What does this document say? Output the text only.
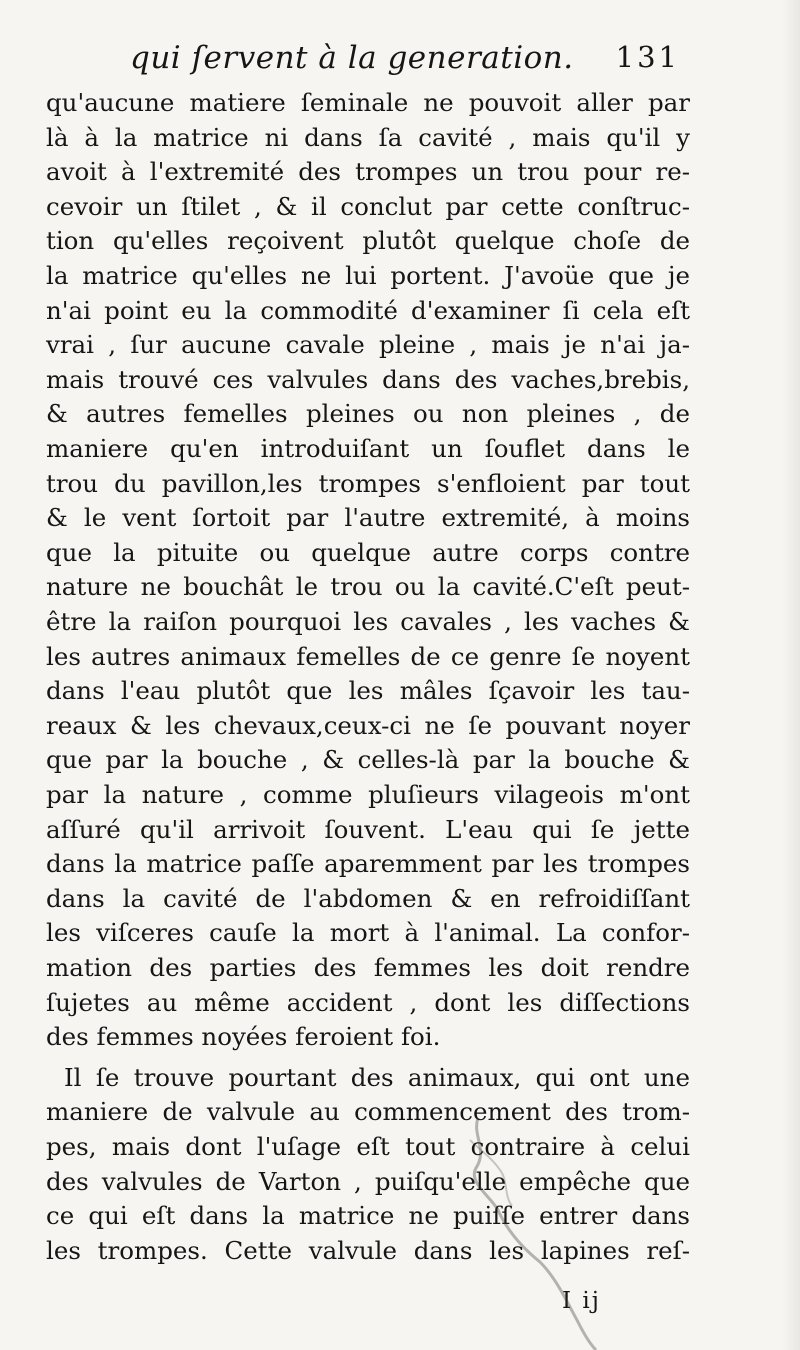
qui ſervent à la generation. 131
qu'aucune matiere ſeminale ne pouvoit aller par
là à la matrice ni dans ſa cavité , mais qu'il y
avoit à l'extremité des trompes un trou pour re-
cevoir un ſtilet , & il conclut par cette conſtruc-
tion qu'elles reçoivent plutôt quelque choſe de
la matrice qu'elles ne lui portent. J'avoüe que je
n'ai point eu la commodité d'examiner ſi cela eſt
vrai , ſur aucune cavale pleine , mais je n'ai ja-
mais trouvé ces valvules dans des vaches,brebis,
& autres femelles pleines ou non pleines , de
maniere qu'en introduiſant un ſouflet dans le
trou du pavillon,les trompes s'enfloient par tout
& le vent ſortoit par l'autre extremité, à moins
que la pituite ou quelque autre corps contre
nature ne bouchât le trou ou la cavité.C'eſt peut-
être la raiſon pourquoi les cavales , les vaches &
les autres animaux femelles de ce genre ſe noyent
dans l'eau plutôt que les mâles ſçavoir les tau-
reaux & les chevaux,ceux-ci ne ſe pouvant noyer
que par la bouche , & celles-là par la bouche &
par la nature , comme pluſieurs vilageois m'ont
aſſuré qu'il arrivoit ſouvent. L'eau qui ſe jette
dans la matrice paſſe aparemment par les trompes
dans la cavité de l'abdomen & en refroidiſſant
les viſceres cauſe la mort à l'animal. La confor-
mation des parties des femmes les doit rendre
ſujetes au même accident , dont les diſſections
des femmes noyées feroient foi.
Il ſe trouve pourtant des animaux, qui ont une
maniere de valvule au commencement des trom-
pes, mais dont l'uſage eſt tout contraire à celui
des valvules de Varton , puiſqu'elle empêche que
ce qui eſt dans la matrice ne puiſſe entrer dans
les trompes. Cette valvule dans les lapines reſ-
I ij
